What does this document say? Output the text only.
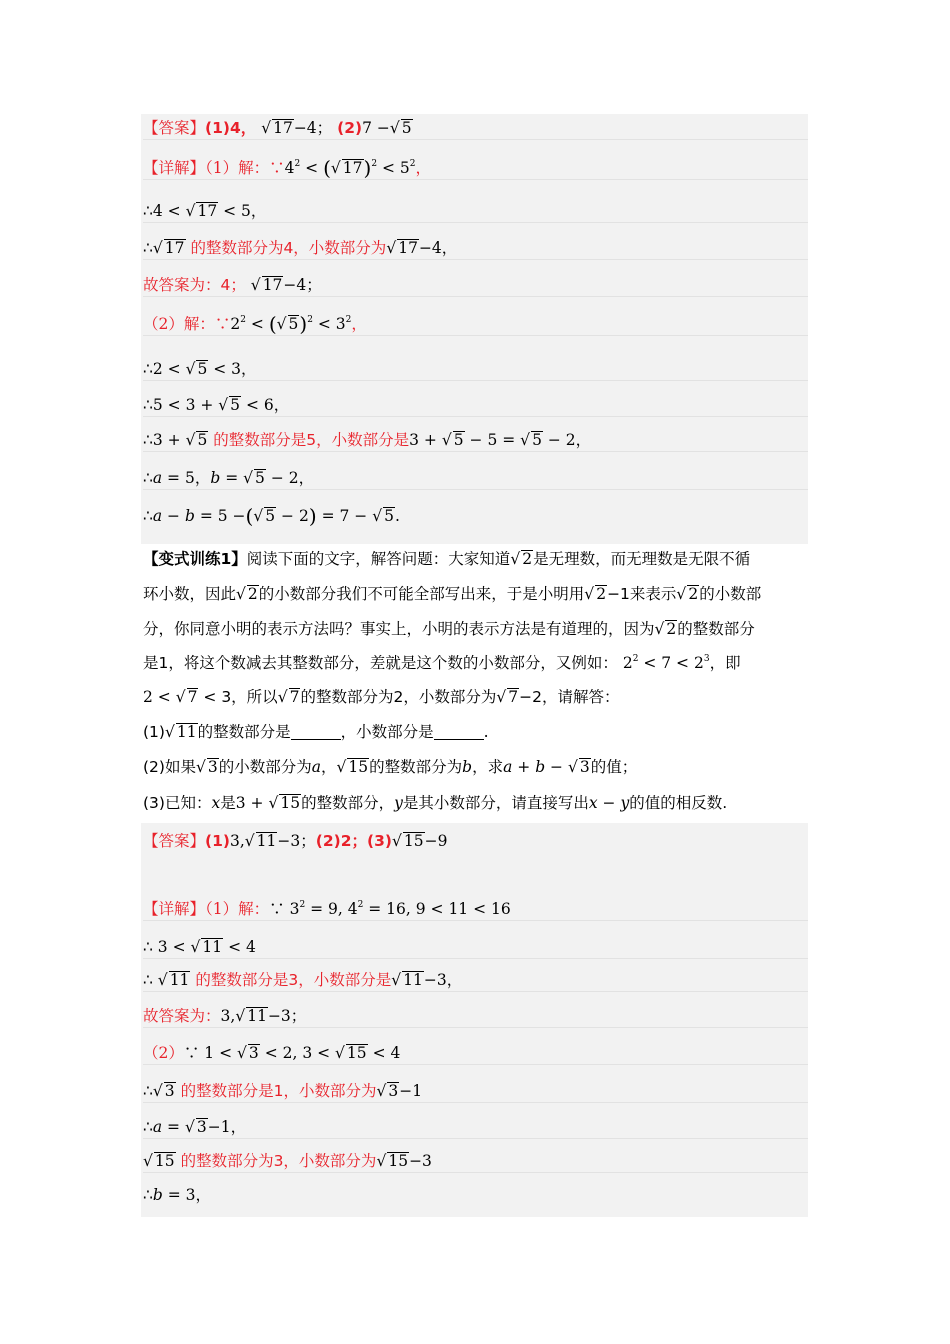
【答案】(1)4， √ 17−4； (2)7 −√ 5
【详解】（1）解：$\because 4^2$ < (√ $17)^2 < 5^2$，
∴4 < √ 17 < 5，
∴√ 17 的整数部分为4，小数部分为√ 17−4，
故答案为：4； √ 17−4；
（2）解：$\because 2^2$ < (√ $5)^2 < 3^2$，
∴2 < √ 5 < 3，
∴5 < 3 + √ 5 < 6，
∴3 + √ 5 的整数部分是5，小数部分是3 + √ 5 − 5 = √ 5 − 2，
∴a = 5，b = √ 5 − 2，
∴a − b = 5 −(√ 5 − 2) = 7 − √ 5.
【变式训练1】阅读下面的文字，解答问题：大家知道√ 2是无理数，而无理数是无限不循
环小数，因此√ 2的小数部分我们不可能全部写出来，于是小明用√ 2−1来表示√ 2的小数部
分，你同意小明的表示方法吗？事实上，小明的表示方法是有道理的，因为√ 2的整数部分
是1，将这个数减去其整数部分，差就是这个数的小数部分，又例如： $2^2 < 7 < 2^3$，即
2 < √ 7 < 3，所以√ 7的整数部分为2，小数部分为√ 7−2，请解答：
(1)√ 11的整数部分是	，小数部分是	.
(2)如果√ 3的小数部分为a，√ 15的整数部分为b，求a + b − √ 3的值；
(3)已知：x是3 + √ 15的整数部分，y是其小数部分，请直接写出x − y的值的相反数.
【答案】(1)3,√ 11−3；(2)2；(3)√ 15−9
【详解】（1）解：∵ $3^2 = 9$, $4^2 = 16$, 9 < 11 < 16
∴ 3 < √ 11 < 4
∴ √ 11 的整数部分是3，小数部分是√ 11−3，
故答案为：3,√ 11−3；
（2）∵ 1 < √ 3 < 2, 3 < √ 15 < 4
∴√ 3 的整数部分是1，小数部分为√ 3−1
∴a = √ 3−1，
√ 15 的整数部分为3，小数部分为√ 15−3
∴b = 3，
